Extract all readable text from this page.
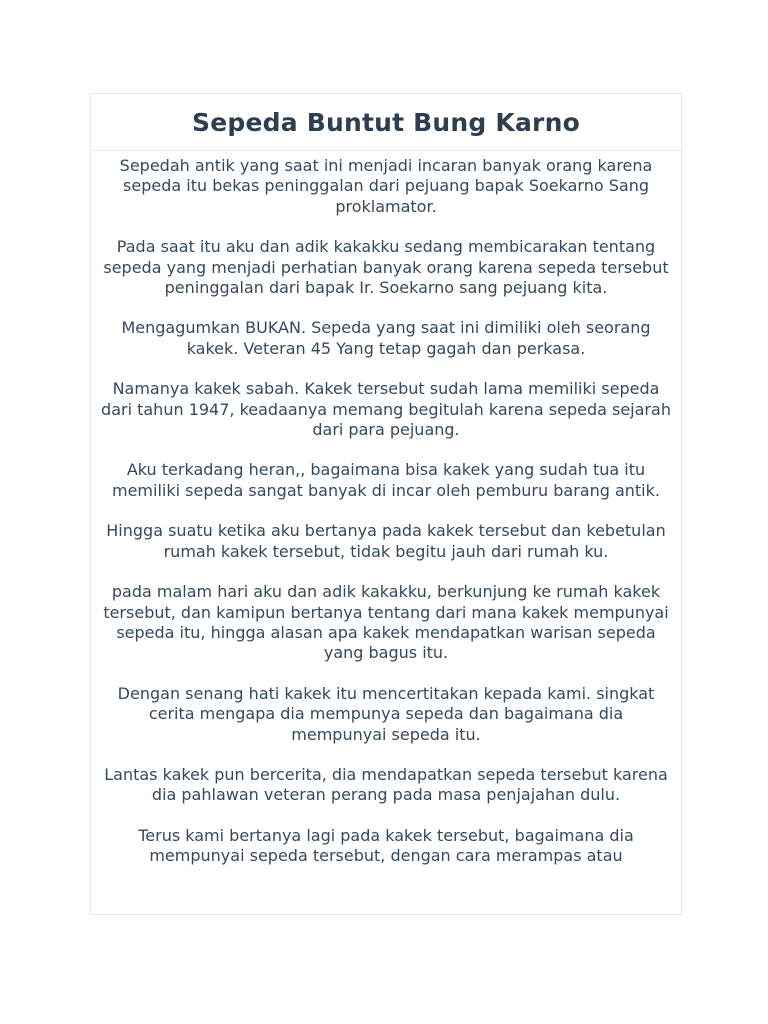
Sepeda Buntut Bung Karno

Sepedah antik yang saat ini menjadi incaran banyak orang karena sepeda itu bekas peninggalan dari pejuang bapak Soekarno Sang proklamator.

Pada saat itu aku dan adik kakakku sedang membicarakan tentang sepeda yang menjadi perhatian banyak orang karena sepeda tersebut peninggalan dari bapak Ir. Soekarno sang pejuang kita.

Mengagumkan BUKAN. Sepeda yang saat ini dimiliki oleh seorang kakek. Veteran 45 Yang tetap gagah dan perkasa.

Namanya kakek sabah. Kakek tersebut sudah lama memiliki sepeda dari tahun 1947, keadaanya memang begitulah karena sepeda sejarah dari para pejuang.

Aku terkadang heran,, bagaimana bisa kakek yang sudah tua itu memiliki sepeda sangat banyak di incar oleh pemburu barang antik.

Hingga suatu ketika aku bertanya pada kakek tersebut dan kebetulan rumah kakek tersebut, tidak begitu jauh dari rumah ku.

pada malam hari aku dan adik kakakku, berkunjung ke rumah kakek tersebut, dan kamipun bertanya tentang dari mana kakek mempunyai sepeda itu, hingga alasan apa kakek mendapatkan warisan sepeda yang bagus itu.

Dengan senang hati kakek itu mencertitakan kepada kami. singkat cerita mengapa dia mempunya sepeda dan bagaimana dia mempunyai sepeda itu.

Lantas kakek pun bercerita, dia mendapatkan sepeda tersebut karena dia pahlawan veteran perang pada masa penjajahan dulu.

Terus kami bertanya lagi pada kakek tersebut, bagaimana dia mempunyai sepeda tersebut, dengan cara merampas atau
